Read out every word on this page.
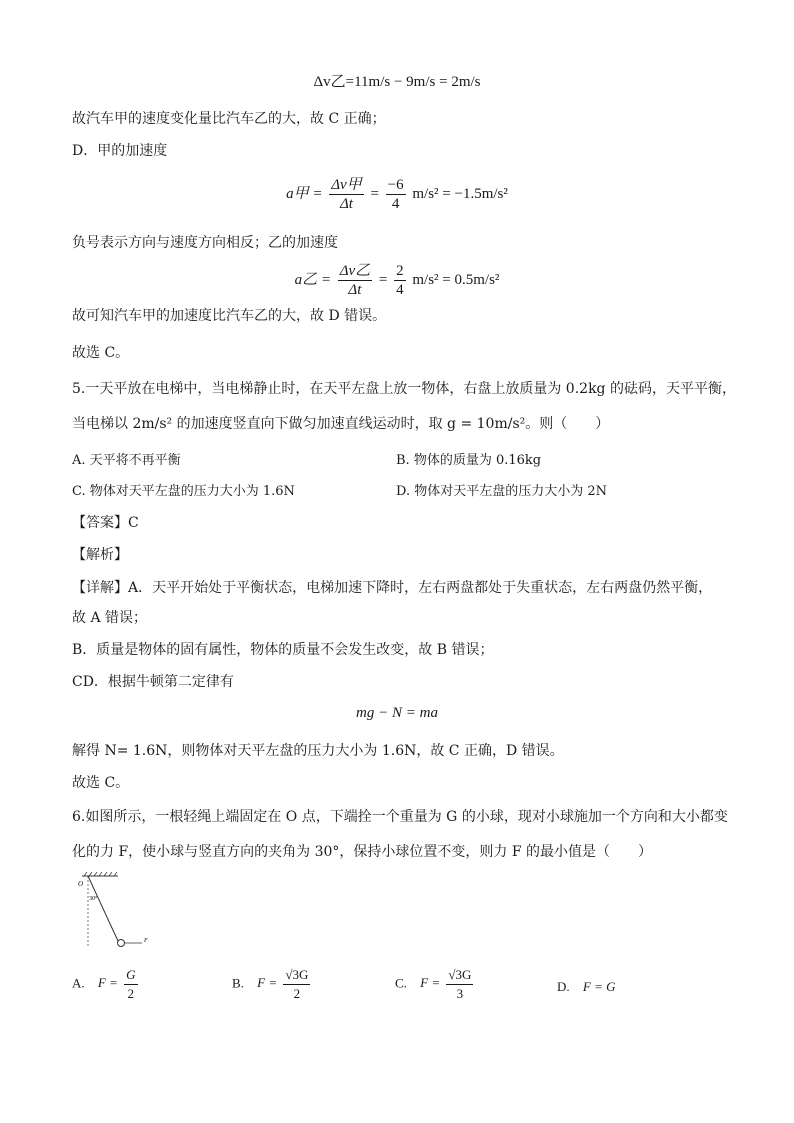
Δv乙=11m/s − 9m/s = 2m/s
故汽车甲的速度变化量比汽车乙的大，故 C 正确；
D．甲的加速度
a甲 = $\frac{\text{Δv甲}}{\Delta t} = \frac{-6}{4} m/s^2 = -1.5m/s^2$
负号表示方向与速度方向相反；乙的加速度
a乙 = $\frac{\text{Δv乙}}{\Delta t} = \frac{2}{4} m/s^2 = 0.5m/s^2$
故可知汽车甲的加速度比汽车乙的大，故 D 错误。
故选 C。
5.一天平放在电梯中，当电梯静止时，在天平左盘上放一物体，右盘上放质量为 0.2kg 的砝码，天平平衡，
当电梯以 2m/s² 的加速度竖直向下做匀加速直线运动时，取 g = 10m/s²。则（　　）
A. 天平将不再平衡	B. 物体的质量为 0.16kg
C. 物体对天平左盘的压力大小为 1.6N	D. 物体对天平左盘的压力大小为 2N
【答案】C
【解析】
【详解】A．天平开始处于平衡状态，电梯加速下降时，左右两盘都处于失重状态，左右两盘仍然平衡，
故 A 错误；
B．质量是物体的固有属性，物体的质量不会发生改变，故 B 错误；
CD．根据牛顿第二定律有
mg − N = ma
解得 N= 1.6N，则物体对天平左盘的压力大小为 1.6N，故 C 正确，D 错误。
故选 C。
6.如图所示，一根轻绳上端固定在 O 点，下端拴一个重量为 G 的小球，现对小球施加一个方向和大小都变
化的力 F，使小球与竖直方向的夹角为 30°，保持小球位置不变，则力 F 的最小值是（　　）
O
30°
F
A. $F = \frac{G}{2}$	B. $F = \frac{√3G}{2}$	C. $F = \frac{√3G}{3}$	D. F = G
